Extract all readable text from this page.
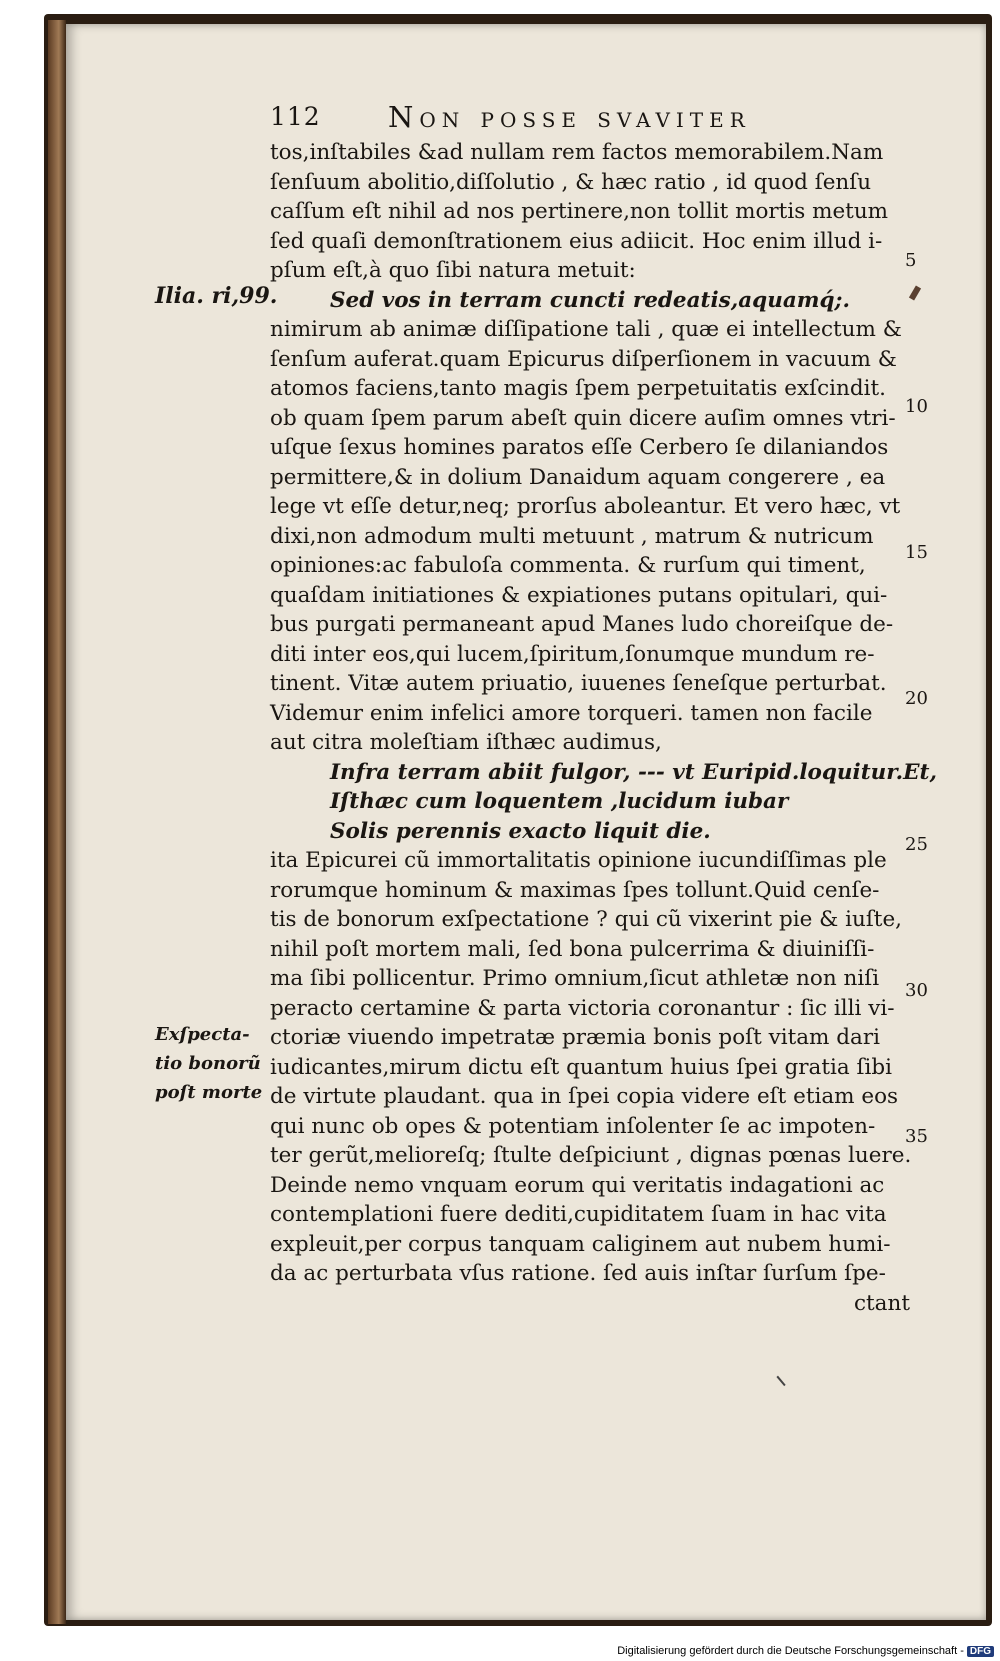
112 Non posse svaviter
Ilia. ri,99.
Exſpecta-
tio bonorũ
poſt morte
tos,inſtabiles &ad nullam rem factos memorabilem.Nam
ſenſuum abolitio,diſſolutio , & hæc ratio , id quod ſenſu
caſſum eſt nihil ad nos pertinere,non tollit mortis metum
ſed quaſi demonſtrationem eius adiicit. Hoc enim illud i-
pſum eſt,à quo ſibi natura metuit:
Sed vos in terram cuncti redeatis,aquamq́;.
nimirum ab animæ diſſipatione tali , quæ ei intellectum &
ſenſum auferat.quam Epicurus diſperſionem in vacuum &
atomos faciens,tanto magis ſpem perpetuitatis exſcindit.
ob quam ſpem parum abeſt quin dicere auſim omnes vtri-
uſque ſexus homines paratos eſſe Cerbero ſe dilaniandos
permittere,& in dolium Danaidum aquam congerere , ea
lege vt eſſe detur,neq; prorſus aboleantur. Et vero hæc, vt
dixi,non admodum multi metuunt , matrum & nutricum
opiniones:ac fabuloſa commenta. & rurſum qui timent,
quaſdam initiationes & expiationes putans opitulari, qui-
bus purgati permaneant apud Manes ludo choreiſque de-
diti inter eos,qui lucem,ſpiritum,ſonumque mundum re-
tinent. Vitæ autem priuatio, iuuenes ſeneſque perturbat.
Videmur enim infelici amore torqueri. tamen non facile
aut citra moleſtiam iſthæc audimus,
Infra terram abiit fulgor, --- vt Euripid.loquitur.Et,
Iſthæc cum loquentem ,lucidum iubar
Solis perennis exacto liquit die.
ita Epicurei cũ immortalitatis opinione iucundiſſimas ple
rorumque hominum & maximas ſpes tollunt.Quid cenſe-
tis de bonorum exſpectatione ? qui cũ vixerint pie & iuſte,
nihil poſt mortem mali, ſed bona pulcerrima & diuiniſſi-
ma ſibi pollicentur. Primo omnium,ſicut athletæ non niſi
peracto certamine & parta victoria coronantur : ſic illi vi-
ctoriæ viuendo impetratæ præmia bonis poſt vitam dari
iudicantes,mirum dictu eſt quantum huius ſpei gratia ſibi
de virtute plaudant. qua in ſpei copia videre eſt etiam eos
qui nunc ob opes & potentiam inſolenter ſe ac impoten-
ter gerũt,melioreſq; ſtulte deſpiciunt , dignas pœnas luere.
Deinde nemo vnquam eorum qui veritatis indagationi ac
contemplationi fuere dediti,cupiditatem ſuam in hac vita
expleuit,per corpus tanquam caliginem aut nubem humi-
da ac perturbata vſus ratione. ſed auis inſtar ſurſum ſpe-
ctant
5
10
15
20
25
30
35
Digitalisierung gefördert durch die Deutsche Forschungsgemeinschaft - DFG
